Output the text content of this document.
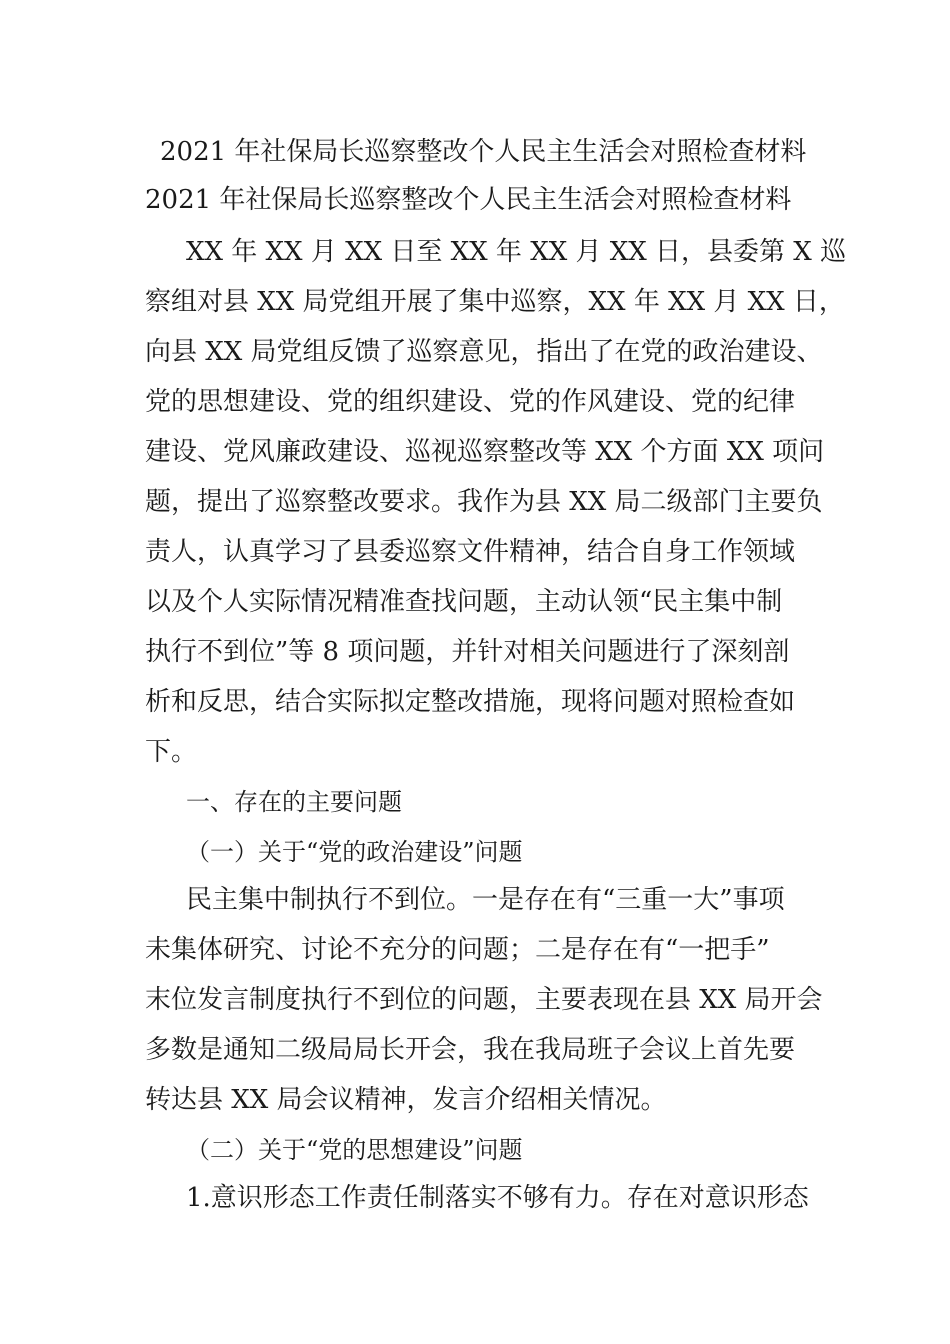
2021 年社保局长巡察整改个人民主生活会对照检查材料
2021 年社保局长巡察整改个人民主生活会对照检查材料
XX 年 XX 月 XX 日至 XX 年 XX 月 XX 日，县委第 X 巡
察组对县 XX 局党组开展了集中巡察，XX 年 XX 月 XX 日，
向县 XX 局党组反馈了巡察意见，指出了在党的政治建设、
党的思想建设、党的组织建设、党的作风建设、党的纪律
建设、党风廉政建设、巡视巡察整改等 XX 个方面 XX 项问
题，提出了巡察整改要求。我作为县 XX 局二级部门主要负
责人，认真学习了县委巡察文件精神，结合自身工作领域
以及个人实际情况精准查找问题，主动认领“民主集中制
执行不到位”等 8 项问题，并针对相关问题进行了深刻剖
析和反思，结合实际拟定整改措施，现将问题对照检查如
下。
一、存在的主要问题
（一）关于“党的政治建设”问题
民主集中制执行不到位。一是存在有“三重一大”事项
未集体研究、讨论不充分的问题；二是存在有“一把手”
末位发言制度执行不到位的问题，主要表现在县 XX 局开会
多数是通知二级局局长开会，我在我局班子会议上首先要
转达县 XX 局会议精神，发言介绍相关情况。
（二）关于“党的思想建设”问题
1.意识形态工作责任制落实不够有力。存在对意识形态
